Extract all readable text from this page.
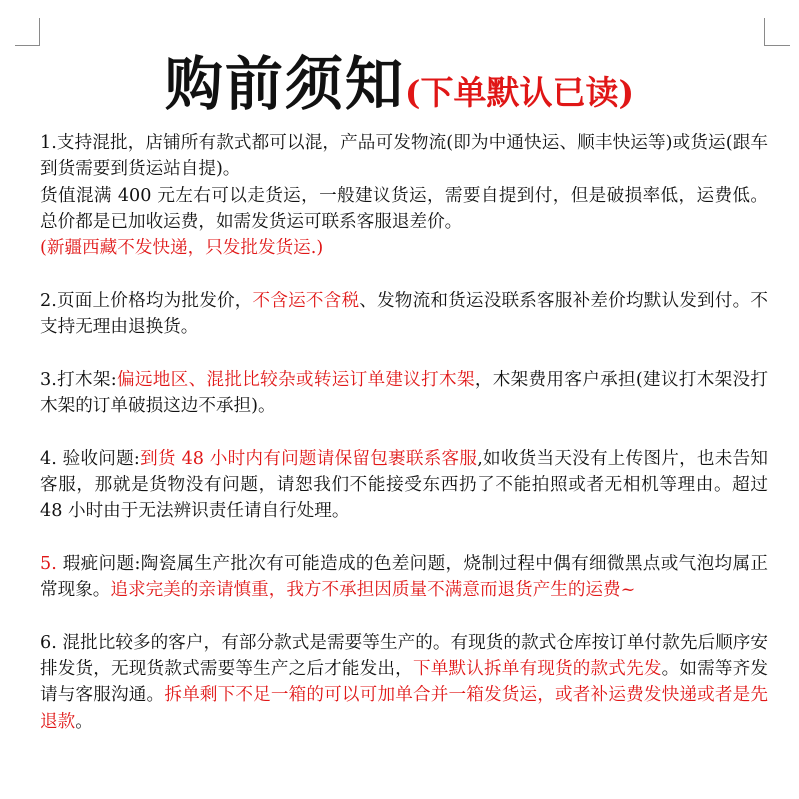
购前须知(下单默认已读)

1.支持混批，店铺所有款式都可以混，产品可发物流(即为中通快运、顺丰快运等)或货运(跟车到货需要到货运站自提)。

货值混满 400 元左右可以走货运，一般建议货运，需要自提到付，但是破损率低，运费低。总价都是已加收运费，如需发货运可联系客服退差价。

(新疆西藏不发快递，只发批发货运.)

2.页面上价格均为批发价，不含运不含税、发物流和货运没联系客服补差价均默认发到付。不支持无理由退换货。

3.打木架:偏远地区、混批比较杂或转运订单建议打木架，木架费用客户承担(建议打木架没打木架的订单破损这边不承担)。

4. 验收问题:到货 48 小时内有问题请保留包裹联系客服,如收货当天没有上传图片，也未告知客服，那就是货物没有问题，请恕我们不能接受东西扔了不能拍照或者无相机等理由。超过 48 小时由于无法辨识责任请自行处理。

5. 瑕疵问题:陶瓷属生产批次有可能造成的色差问题，烧制过程中偶有细微黑点或气泡均属正常现象。追求完美的亲请慎重，我方不承担因质量不满意而退货产生的运费~

6. 混批比较多的客户，有部分款式是需要等生产的。有现货的款式仓库按订单付款先后顺序安排发货，无现货款式需要等生产之后才能发出，下单默认拆单有现货的款式先发。如需等齐发请与客服沟通。拆单剩下不足一箱的可以可加单合并一箱发货运，或者补运费发快递或者是先退款。
